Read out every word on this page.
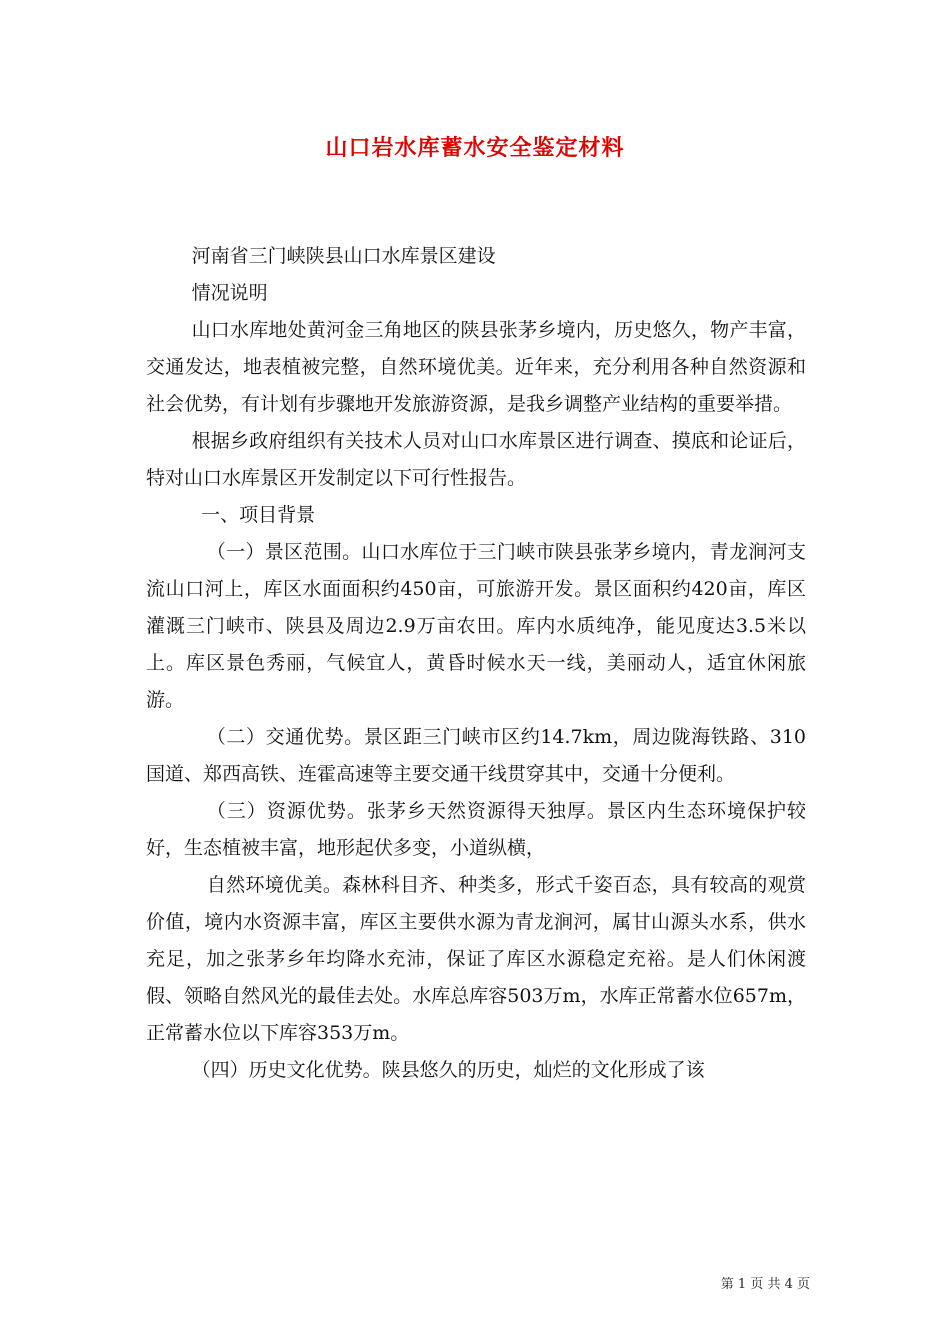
山口岩水库蓄水安全鉴定材料

河南省三门峡陕县山口水库景区建设

情况说明

山口水库地处黄河金三角地区的陕县张茅乡境内，历史悠久，物产丰富，交通发达，地表植被完整，自然环境优美。近年来，充分利用各种自然资源和社会优势，有计划有步骤地开发旅游资源，是我乡调整产业结构的重要举措。

根据乡政府组织有关技术人员对山口水库景区进行调查、摸底和论证后，特对山口水库景区开发制定以下可行性报告。

一、项目背景

（一）景区范围。山口水库位于三门峡市陕县张茅乡境内，青龙涧河支流山口河上，库区水面面积约450亩，可旅游开发。景区面积约420亩，库区灌溉三门峡市、陕县及周边2.9万亩农田。库内水质纯净，能见度达3.5米以上。库区景色秀丽，气候宜人，黄昏时候水天一线，美丽动人，适宜休闲旅游。

（二）交通优势。景区距三门峡市区约14.7km，周边陇海铁路、310国道、郑西高铁、连霍高速等主要交通干线贯穿其中，交通十分便利。

（三）资源优势。张茅乡天然资源得天独厚。景区内生态环境保护较好，生态植被丰富，地形起伏多变，小道纵横，

自然环境优美。森林科目齐、种类多，形式千姿百态，具有较高的观赏价值，境内水资源丰富，库区主要供水源为青龙涧河，属甘山源头水系，供水充足，加之张茅乡年均降水充沛，保证了库区水源稳定充裕。是人们休闲渡假、领略自然风光的最佳去处。水库总库容503万m，水库正常蓄水位657m，正常蓄水位以下库容353万m。

（四）历史文化优势。陕县悠久的历史，灿烂的文化形成了该

第 1 页 共 4 页
